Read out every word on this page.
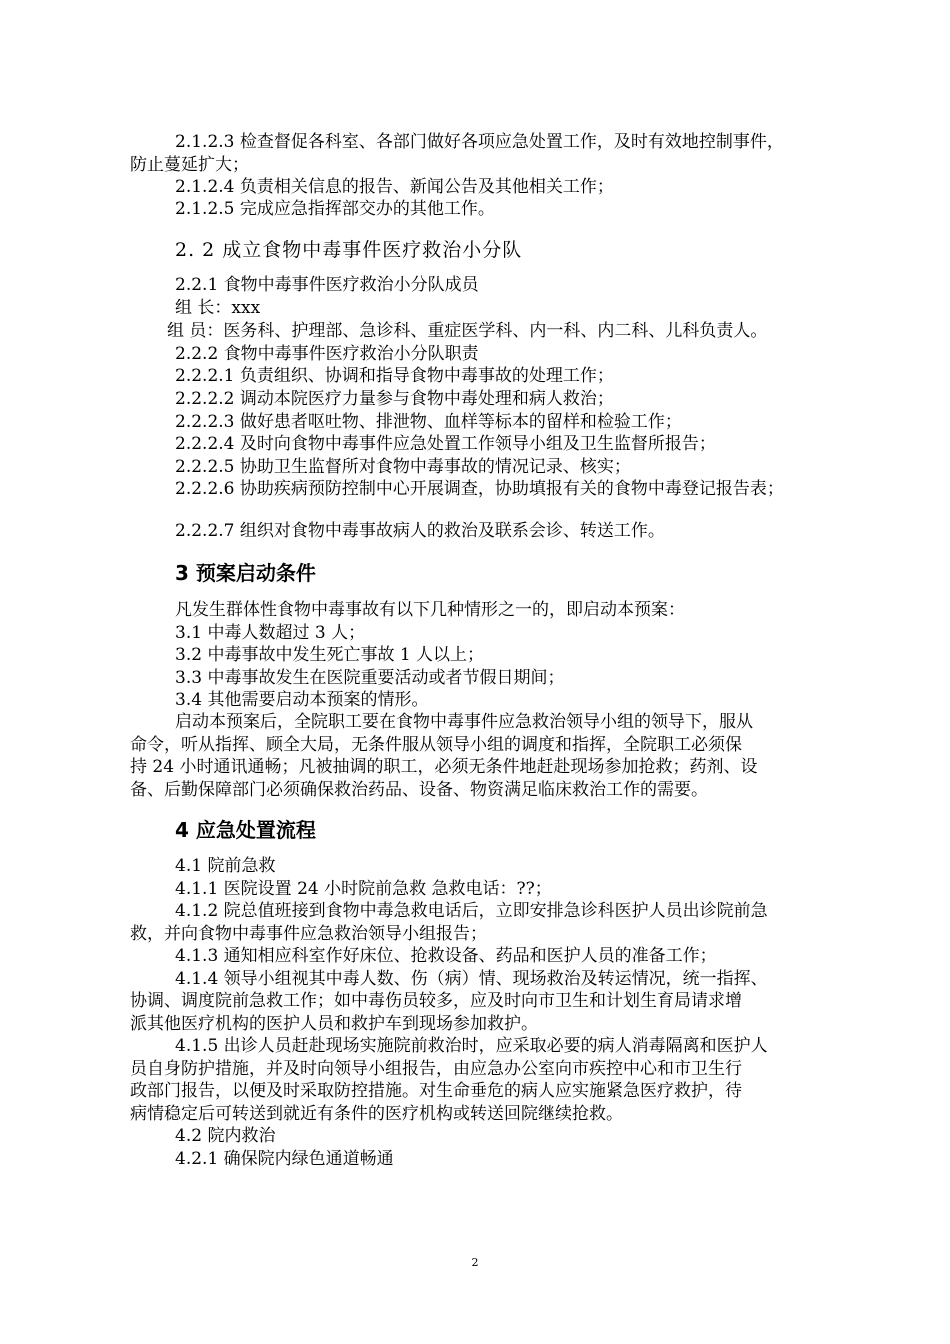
2.1.2.3 检查督促各科室、各部门做好各项应急处置工作，及时有效地控制事件，
防止蔓延扩大；
2.1.2.4 负责相关信息的报告、新闻公告及其他相关工作；
2.1.2.5 完成应急指挥部交办的其他工作。
2. 2 成立食物中毒事件医疗救治小分队
2.2.1 食物中毒事件医疗救治小分队成员
组 长：xxx
组 员：医务科、护理部、急诊科、重症医学科、内一科、内二科、儿科负责人。
2.2.2 食物中毒事件医疗救治小分队职责
2.2.2.1 负责组织、协调和指导食物中毒事故的处理工作；
2.2.2.2 调动本院医疗力量参与食物中毒处理和病人救治；
2.2.2.3 做好患者呕吐物、排泄物、血样等标本的留样和检验工作；
2.2.2.4 及时向食物中毒事件应急处置工作领导小组及卫生监督所报告；
2.2.2.5 协助卫生监督所对食物中毒事故的情况记录、核实；
2.2.2.6 协助疾病预防控制中心开展调查，协助填报有关的食物中毒登记报告表；
2.2.2.7 组织对食物中毒事故病人的救治及联系会诊、转送工作。
3 预案启动条件
凡发生群体性食物中毒事故有以下几种情形之一的，即启动本预案：
3.1 中毒人数超过 3 人；
3.2 中毒事故中发生死亡事故 1 人以上；
3.3 中毒事故发生在医院重要活动或者节假日期间；
3.4 其他需要启动本预案的情形。
启动本预案后，全院职工要在食物中毒事件应急救治领导小组的领导下，服从
命令，听从指挥、顾全大局，无条件服从领导小组的调度和指挥，全院职工必须保
持 24 小时通讯通畅；凡被抽调的职工，必须无条件地赶赴现场参加抢救；药剂、设
备、后勤保障部门必须确保救治药品、设备、物资满足临床救治工作的需要。
4 应急处置流程
4.1 院前急救
4.1.1 医院设置 24 小时院前急救 急救电话：??；
4.1.2 院总值班接到食物中毒急救电话后，立即安排急诊科医护人员出诊院前急
救，并向食物中毒事件应急救治领导小组报告；
4.1.3 通知相应科室作好床位、抢救设备、药品和医护人员的准备工作；
4.1.4 领导小组视其中毒人数、伤（病）情、现场救治及转运情况，统一指挥、
协调、调度院前急救工作；如中毒伤员较多，应及时向市卫生和计划生育局请求增
派其他医疗机构的医护人员和救护车到现场参加救护。
4.1.5 出诊人员赶赴现场实施院前救治时，应采取必要的病人消毒隔离和医护人
员自身防护措施，并及时向领导小组报告，由应急办公室向市疾控中心和市卫生行
政部门报告，以便及时采取防控措施。对生命垂危的病人应实施紧急医疗救护，待
病情稳定后可转送到就近有条件的医疗机构或转送回院继续抢救。
4.2 院内救治
4.2.1 确保院内绿色通道畅通
2
